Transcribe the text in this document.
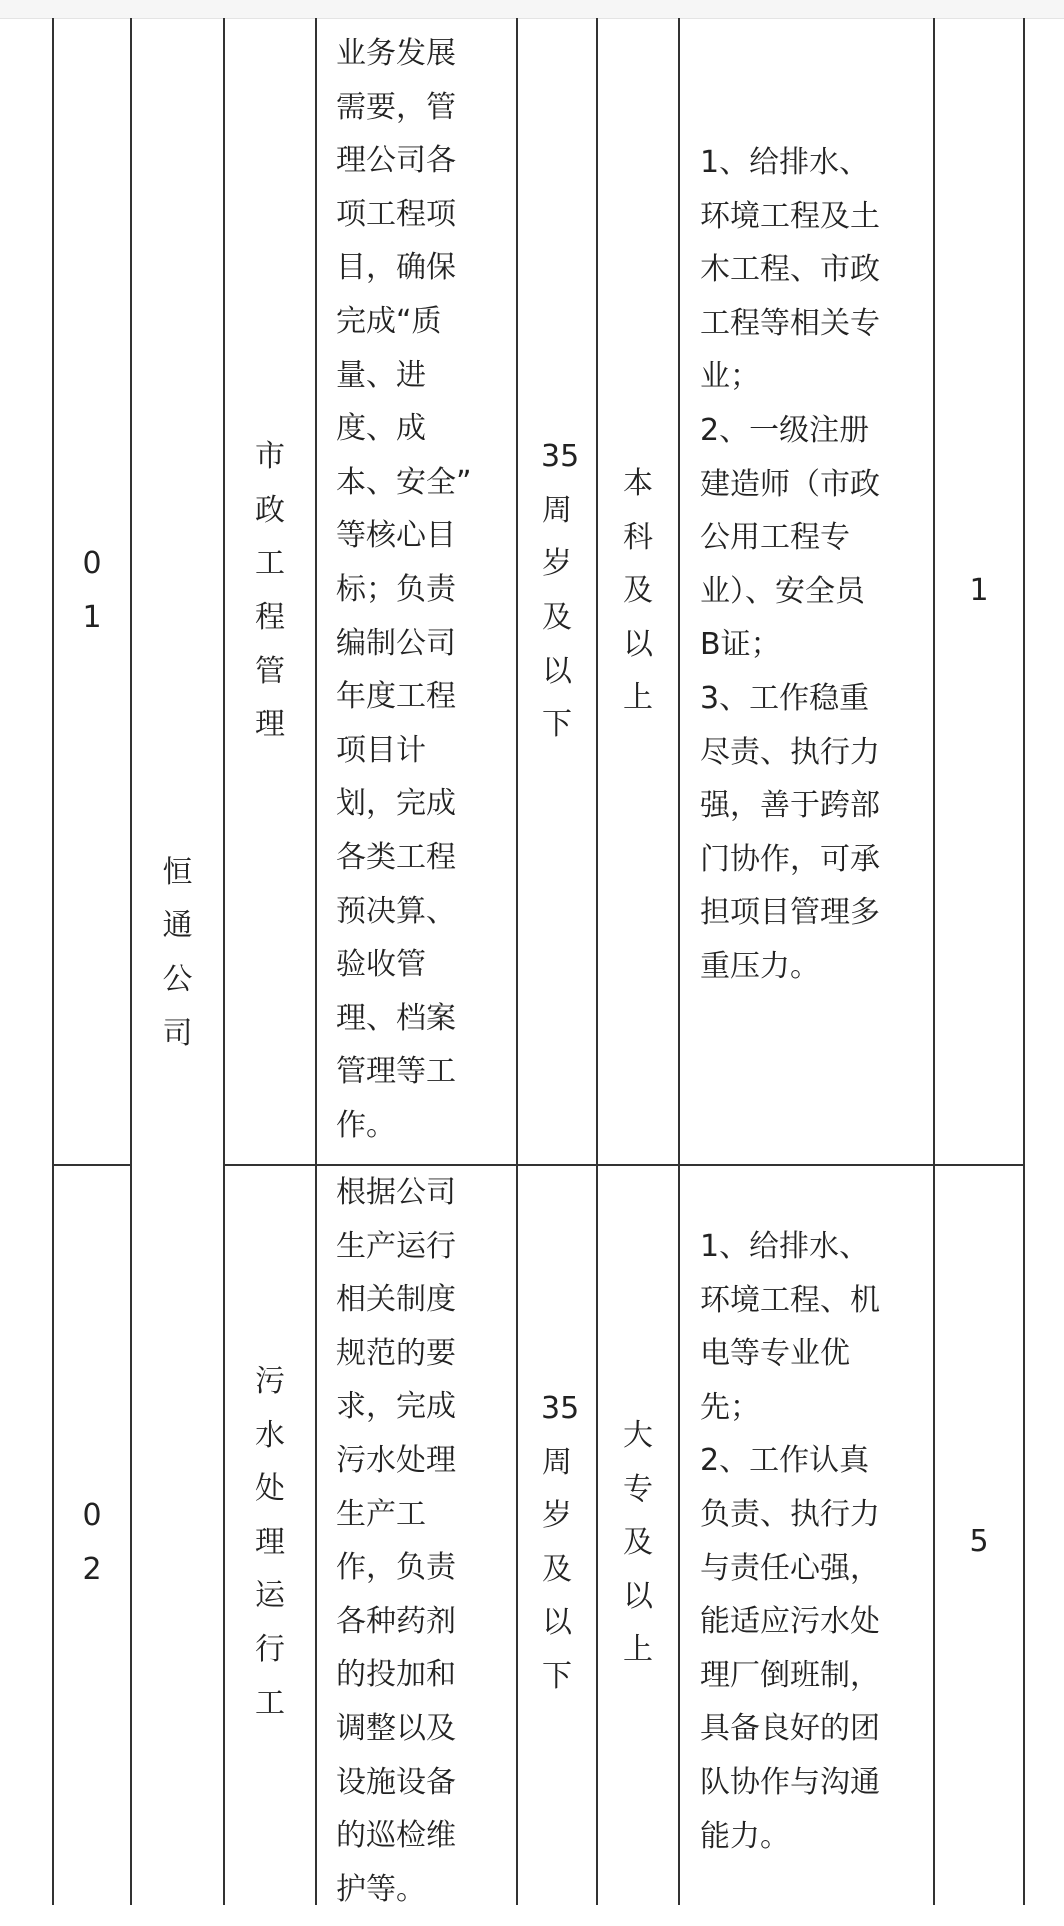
0
1
市
政
工
程
管
理
业务发展
需要，管
理公司各
项工程项
目，确保
完成“质
量、进
度、成
本、安全”
等核心目
标；负责
编制公司
年度工程
项目计
划，完成
各类工程
预决算、
验收管
理、档案
管理等工
作。
35
周
岁
及
以
下
本
科
及
以
上
1、给排水、
环境工程及土
木工程、市政
工程等相关专
业；
2、一级注册
建造师（市政
公用工程专
业）、安全员
B证；
3、工作稳重
尽责、执行力
强，善于跨部
门协作，可承
担项目管理多
重压力。
1
恒
通
公
司
0
2
污
水
处
理
运
行
工
根据公司
生产运行
相关制度
规范的要
求，完成
污水处理
生产工
作，负责
各种药剂
的投加和
调整以及
设施设备
的巡检维
护等。
35
周
岁
及
以
下
大
专
及
以
上
1、给排水、
环境工程、机
电等专业优
先；
2、工作认真
负责、执行力
与责任心强，
能适应污水处
理厂倒班制，
具备良好的团
队协作与沟通
能力。
5
